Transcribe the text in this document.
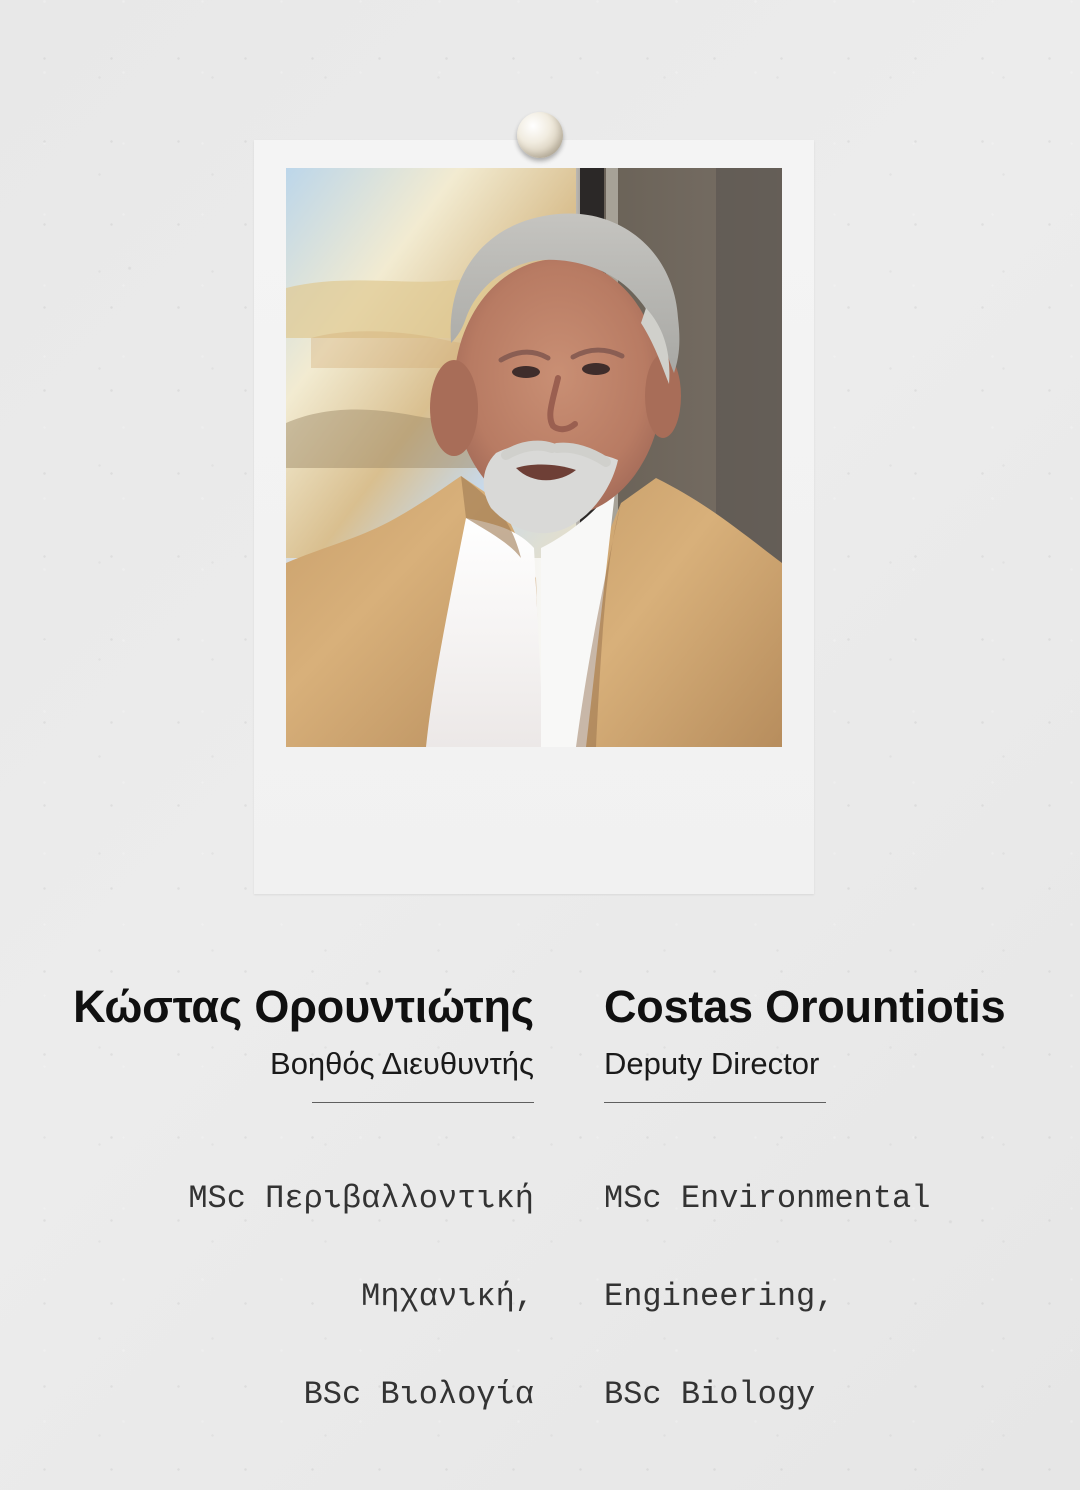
Κώστας Ορουντιώτης
Βοηθός Διευθυντής

MSc Περιβαλλοντική

Μηχανική,

BSc Βιολογία

Costas Orountiotis
Deputy Director

MSc Environmental

Engineering,

BSc Biology
